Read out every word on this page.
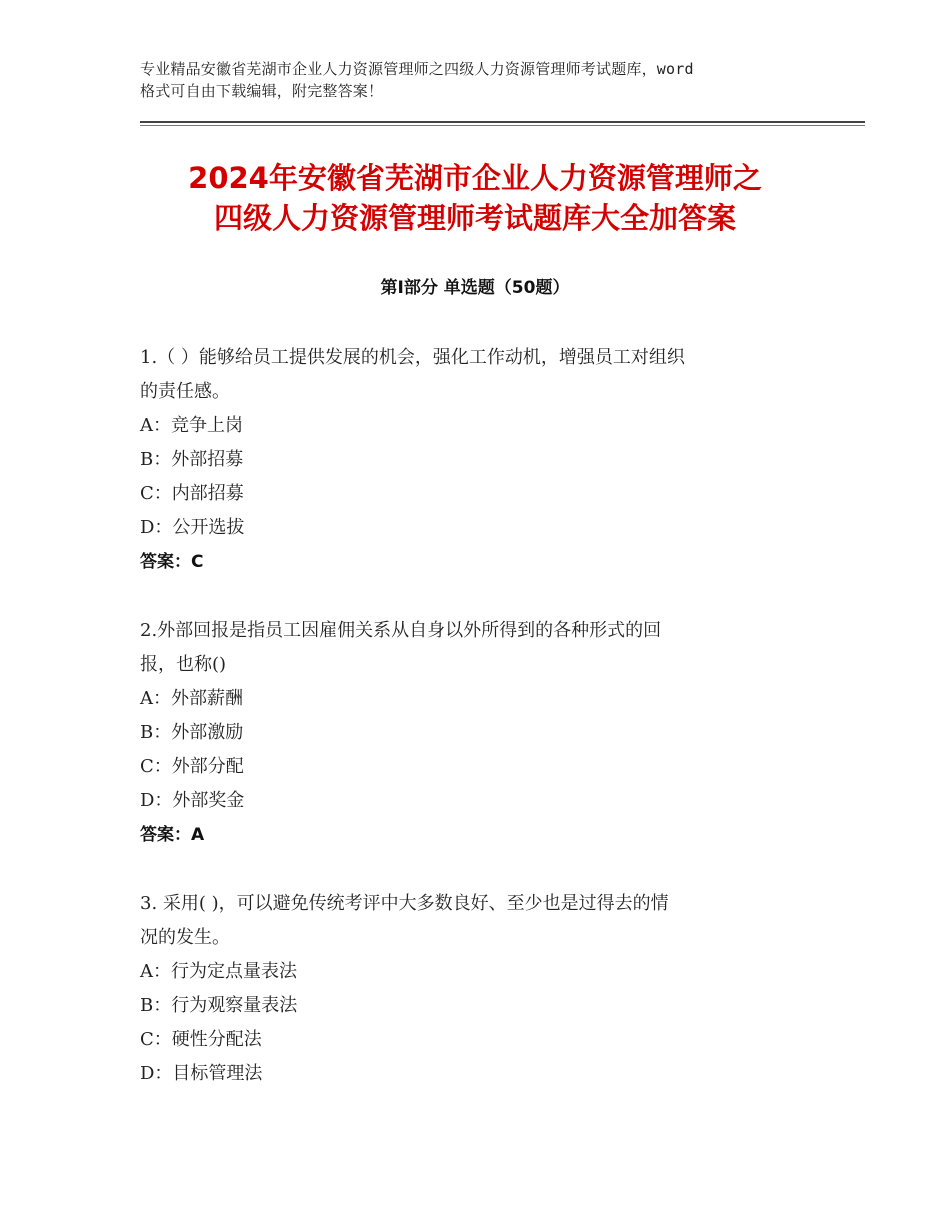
专业精品安徽省芜湖市企业人力资源管理师之四级人力资源管理师考试题库，word
格式可自由下载编辑，附完整答案！
2024年安徽省芜湖市企业人力资源管理师之
四级人力资源管理师考试题库大全加答案
第Ⅰ部分 单选题（50题）
1.（ ）能够给员工提供发展的机会，强化工作动机，增强员工对组织
的责任感。
A：竞争上岗
B：外部招募
C：内部招募
D：公开选拔
答案：C
2.外部回报是指员工因雇佣关系从自身以外所得到的各种形式的回
报，也称()
A：外部薪酬
B：外部激励
C：外部分配
D：外部奖金
答案：A
3. 采用( )，可以避免传统考评中大多数良好、至少也是过得去的情
况的发生。
A：行为定点量表法
B：行为观察量表法
C：硬性分配法
D：目标管理法
